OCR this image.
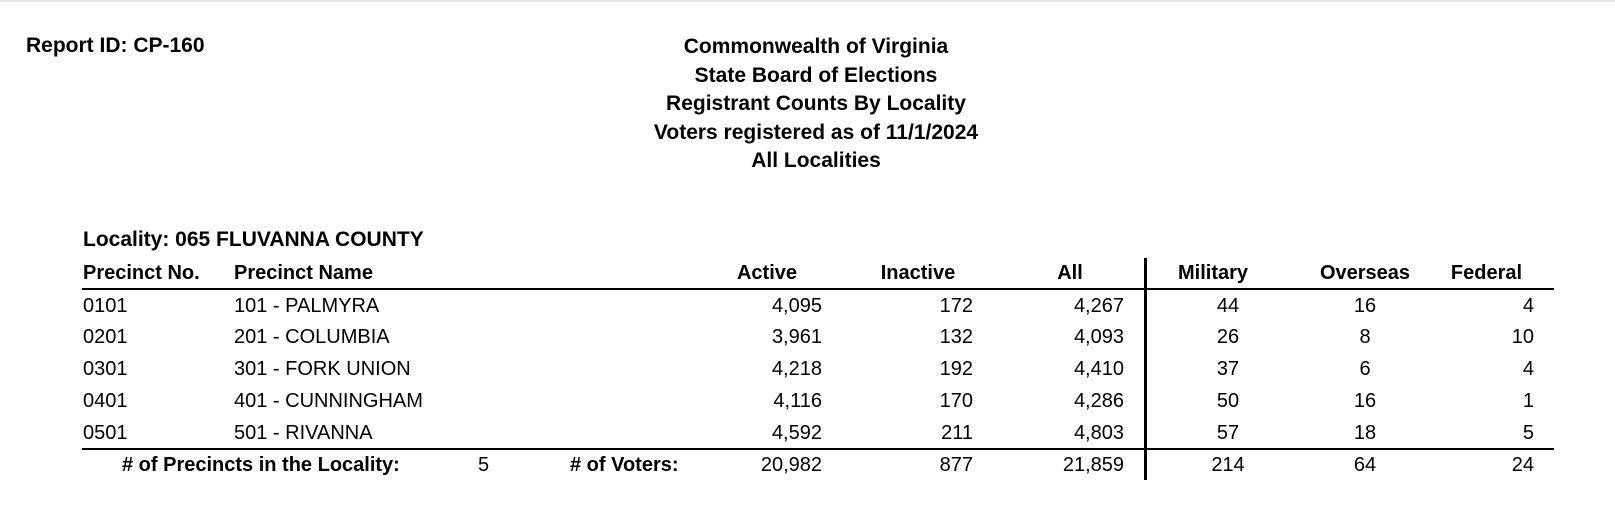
Report ID: CP-160	Commonwealth of Virginia
State Board of Elections
Registrant Counts By Locality
Voters registered as of 11/1/2024
All Localities
Locality: 065 FLUVANNA COUNTY
Precinct No. Precinct Name	Active	Inactive	All	Military	Overseas	Federal
0101	101 - PALMYRA	4,095	172	4,267	44	16	4
0201	201 - COLUMBIA	3,961	132	4,093	26	8	10
0301	301 - FORK UNION	4,218	192	4,410	37	6	4
0401	401 - CUNNINGHAM	4,116	170	4,286	50	16	1
0501	501 - RIVANNA	4,592	211	4,803	57	18	5
# of Precincts in the Locality:	5	# of Voters:	20,982	877	21,859	214	64	24
